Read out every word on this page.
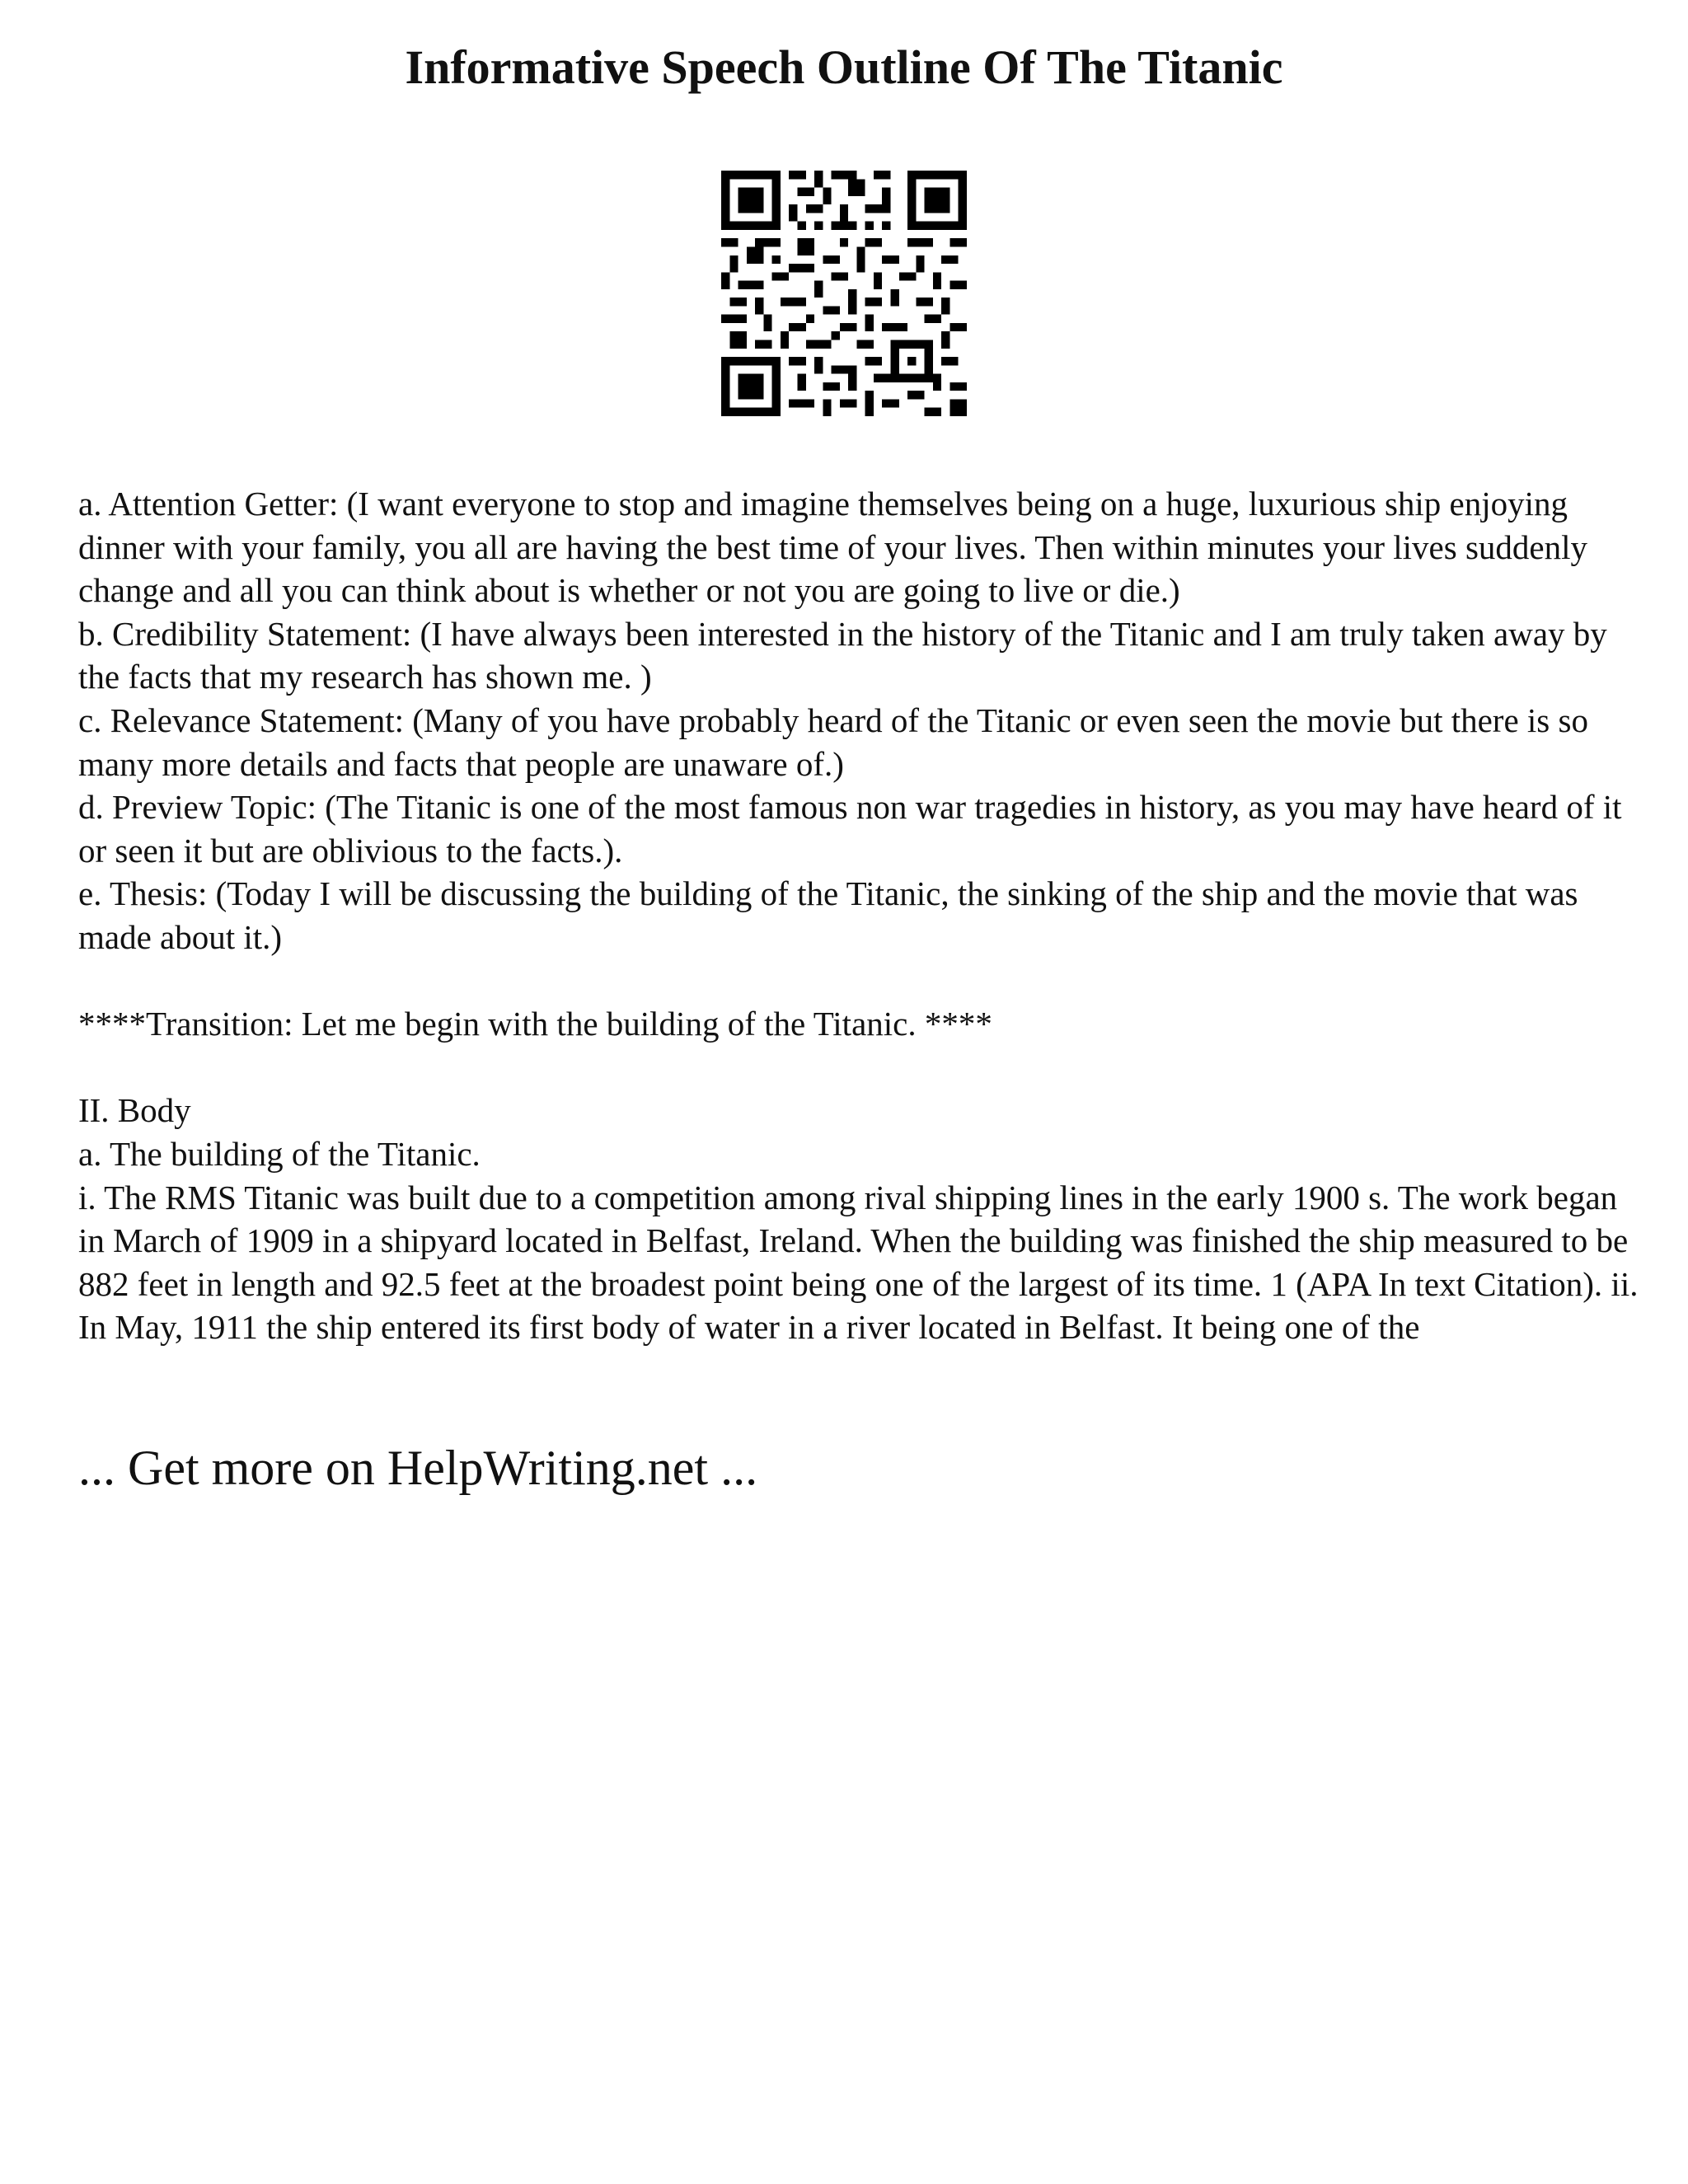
Informative Speech Outline Of The Titanic

a. Attention Getter: (I want everyone to stop and imagine themselves being on a huge, luxurious ship enjoying dinner with your family, you all are having the best time of your lives. Then within minutes your lives suddenly change and all you can think about is whether or not you are going to live or die.)

b. Credibility Statement: (I have always been interested in the history of the Titanic and I am truly taken away by the facts that my research has shown me. )

c. Relevance Statement: (Many of you have probably heard of the Titanic or even seen the movie but there is so many more details and facts that people are unaware of.)

d. Preview Topic: (The Titanic is one of the most famous non war tragedies in history, as you may have heard of it or seen it but are oblivious to the facts.).

e. Thesis: (Today I will be discussing the building of the Titanic, the sinking of the ship and the movie that was made about it.)

****Transition: Let me begin with the building of the Titanic. ****

II. Body

a. The building of the Titanic.

i. The RMS Titanic was built due to a competition among rival shipping lines in the early 1900 s. The work began in March of 1909 in a shipyard located in Belfast, Ireland. When the building was finished the ship measured to be 882 feet in length and 92.5 feet at the broadest point being one of the largest of its time. 1 (APA In text Citation). ii. In May, 1911 the ship entered its first body of water in a river located in Belfast. It being one of the

... Get more on HelpWriting.net ...
